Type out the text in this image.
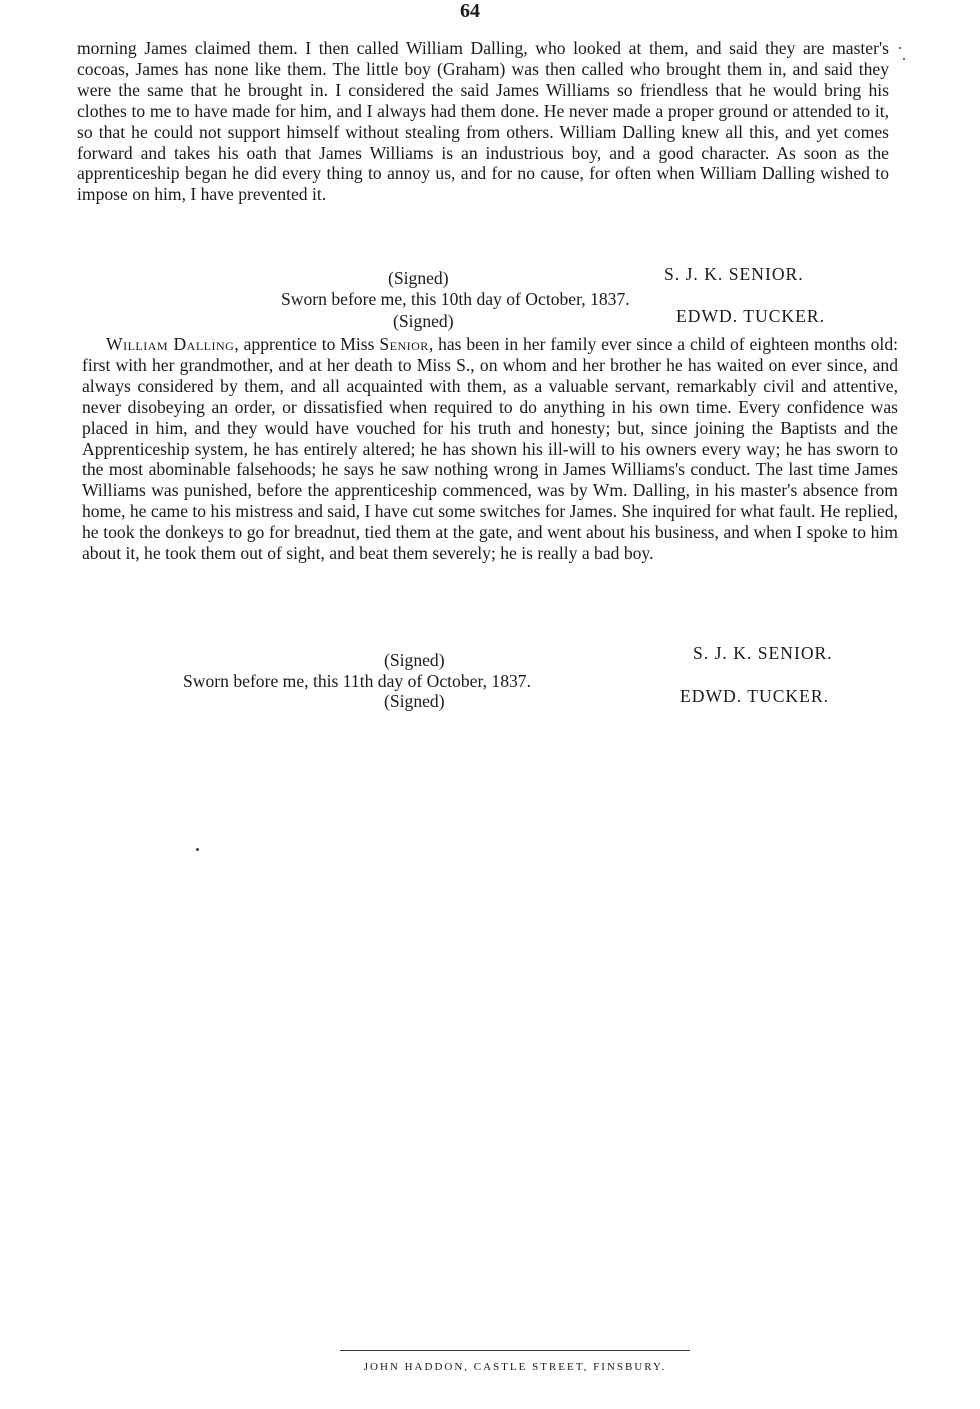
64

morning James claimed them. I then called William Dalling, who looked at them, and said they are master's cocoas, James has none like them. The little boy (Graham) was then called who brought them in, and said they were the same that he brought in. I considered the said James Williams so friendless that he would bring his clothes to me to have made for him, and I always had them done. He never made a proper ground or attended to it, so that he could not support himself without stealing from others. William Dalling knew all this, and yet comes forward and takes his oath that James Williams is an industrious boy, and a good character. As soon as the apprenticeship began he did every thing to annoy us, and for no cause, for often when William Dalling wished to impose on him, I have prevented it.

(Signed)	S. J. K. SENIOR.
Sworn before me, this 10th day of October, 1837.
(Signed)	EDWD. TUCKER.

William Dalling, apprentice to Miss Senior, has been in her family ever since a child of eighteen months old: first with her grandmother, and at her death to Miss S., on whom and her brother he has waited on ever since, and always considered by them, and all acquainted with them, as a valuable servant, remarkably civil and attentive, never disobeying an order, or dissatisfied when required to do anything in his own time. Every confidence was placed in him, and they would have vouched for his truth and honesty; but, since joining the Baptists and the Apprenticeship system, he has entirely altered; he has shown his ill-will to his owners every way; he has sworn to the most abominable falsehoods; he says he saw nothing wrong in James Williams's conduct. The last time James Williams was punished, before the apprenticeship commenced, was by Wm. Dalling, in his master's absence from home, he came to his mistress and said, I have cut some switches for James. She inquired for what fault. He replied, he took the donkeys to go for breadnut, tied them at the gate, and went about his business, and when I spoke to him about it, he took them out of sight, and beat them severely; he is really a bad boy.

(Signed)	S. J. K. SENIOR.
Sworn before me, this 11th day of October, 1837.
(Signed)	EDWD. TUCKER.
JOHN HADDON, CASTLE STREET, FINSBURY.
